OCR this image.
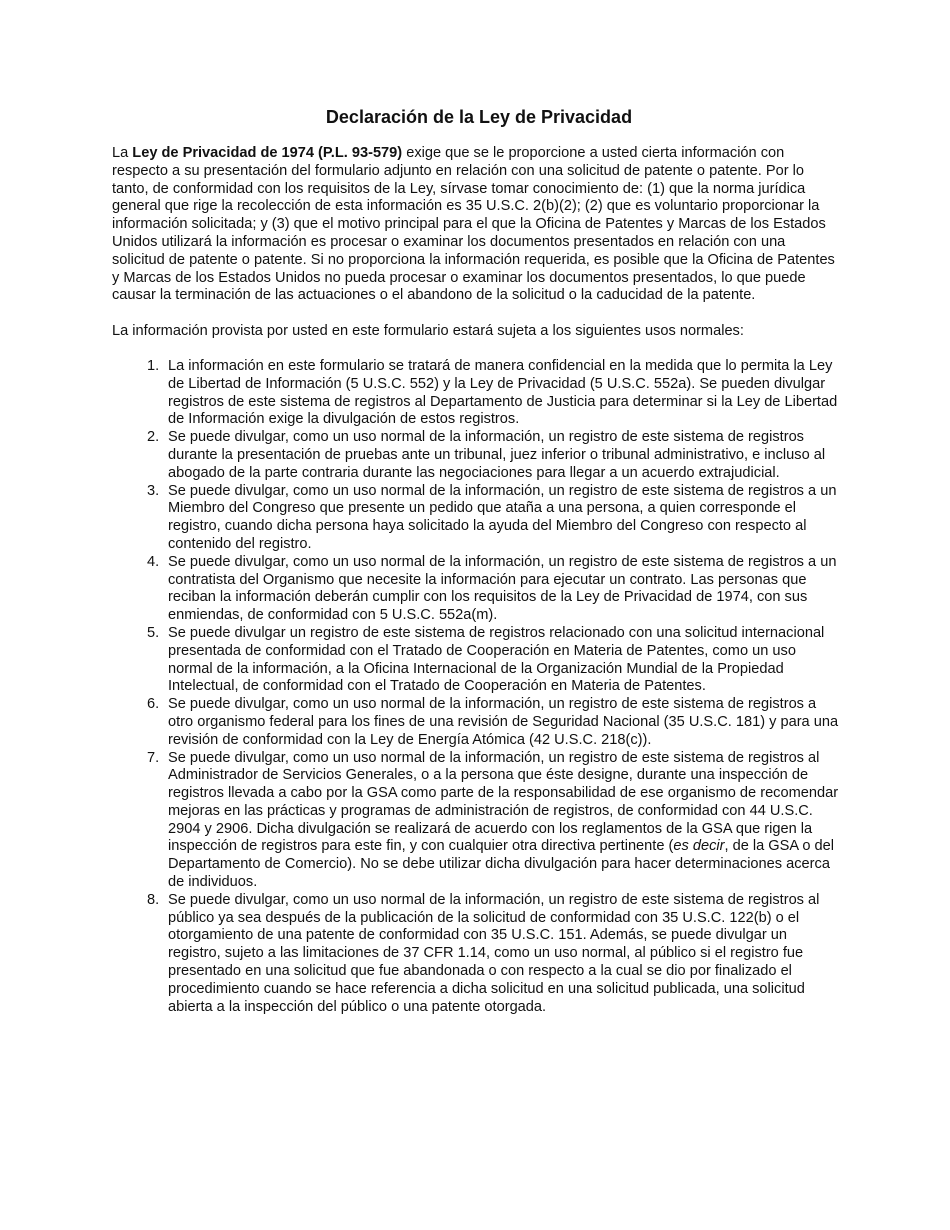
Declaración de la Ley de Privacidad

La Ley de Privacidad de 1974 (P.L. 93-579) exige que se le proporcione a usted cierta información con respecto a su presentación del formulario adjunto en relación con una solicitud de patente o patente. Por lo tanto, de conformidad con los requisitos de la Ley, sírvase tomar conocimiento de: (1) que la norma jurídica general que rige la recolección de esta información es 35 U.S.C. 2(b)(2); (2) que es voluntario proporcionar la información solicitada; y (3) que el motivo principal para el que la Oficina de Patentes y Marcas de los Estados Unidos utilizará la información es procesar o examinar los documentos presentados en relación con una solicitud de patente o patente. Si no proporciona la información requerida, es posible que la Oficina de Patentes y Marcas de los Estados Unidos no pueda procesar o examinar los documentos presentados, lo que puede causar la terminación de las actuaciones o el abandono de la solicitud o la caducidad de la patente.

La información provista por usted en este formulario estará sujeta a los siguientes usos normales:

1. La información en este formulario se tratará de manera confidencial en la medida que lo permita la Ley de Libertad de Información (5 U.S.C. 552) y la Ley de Privacidad (5 U.S.C. 552a). Se pueden divulgar registros de este sistema de registros al Departamento de Justicia para determinar si la Ley de Libertad de Información exige la divulgación de estos registros.
2. Se puede divulgar, como un uso normal de la información, un registro de este sistema de registros durante la presentación de pruebas ante un tribunal, juez inferior o tribunal administrativo, e incluso al abogado de la parte contraria durante las negociaciones para llegar a un acuerdo extrajudicial.
3. Se puede divulgar, como un uso normal de la información, un registro de este sistema de registros a un Miembro del Congreso que presente un pedido que ataña a una persona, a quien corresponde el registro, cuando dicha persona haya solicitado la ayuda del Miembro del Congreso con respecto al contenido del registro.
4. Se puede divulgar, como un uso normal de la información, un registro de este sistema de registros a un contratista del Organismo que necesite la información para ejecutar un contrato. Las personas que reciban la información deberán cumplir con los requisitos de la Ley de Privacidad de 1974, con sus enmiendas, de conformidad con 5 U.S.C. 552a(m).
5. Se puede divulgar un registro de este sistema de registros relacionado con una solicitud internacional presentada de conformidad con el Tratado de Cooperación en Materia de Patentes, como un uso normal de la información, a la Oficina Internacional de la Organización Mundial de la Propiedad Intelectual, de conformidad con el Tratado de Cooperación en Materia de Patentes.
6. Se puede divulgar, como un uso normal de la información, un registro de este sistema de registros a otro organismo federal para los fines de una revisión de Seguridad Nacional (35 U.S.C. 181) y para una revisión de conformidad con la Ley de Energía Atómica (42 U.S.C. 218(c)).
7. Se puede divulgar, como un uso normal de la información, un registro de este sistema de registros al Administrador de Servicios Generales, o a la persona que éste designe, durante una inspección de registros llevada a cabo por la GSA como parte de la responsabilidad de ese organismo de recomendar mejoras en las prácticas y programas de administración de registros, de conformidad con 44 U.S.C. 2904 y 2906. Dicha divulgación se realizará de acuerdo con los reglamentos de la GSA que rigen la inspección de registros para este fin, y con cualquier otra directiva pertinente (es decir, de la GSA o del Departamento de Comercio). No se debe utilizar dicha divulgación para hacer determinaciones acerca de individuos.
8. Se puede divulgar, como un uso normal de la información, un registro de este sistema de registros al público ya sea después de la publicación de la solicitud de conformidad con 35 U.S.C. 122(b) o el otorgamiento de una patente de conformidad con 35 U.S.C. 151. Además, se puede divulgar un registro, sujeto a las limitaciones de 37 CFR 1.14, como un uso normal, al público si el registro fue presentado en una solicitud que fue abandonada o con respecto a la cual se dio por finalizado el procedimiento cuando se hace referencia a dicha solicitud en una solicitud publicada, una solicitud abierta a la inspección del público o una patente otorgada.
